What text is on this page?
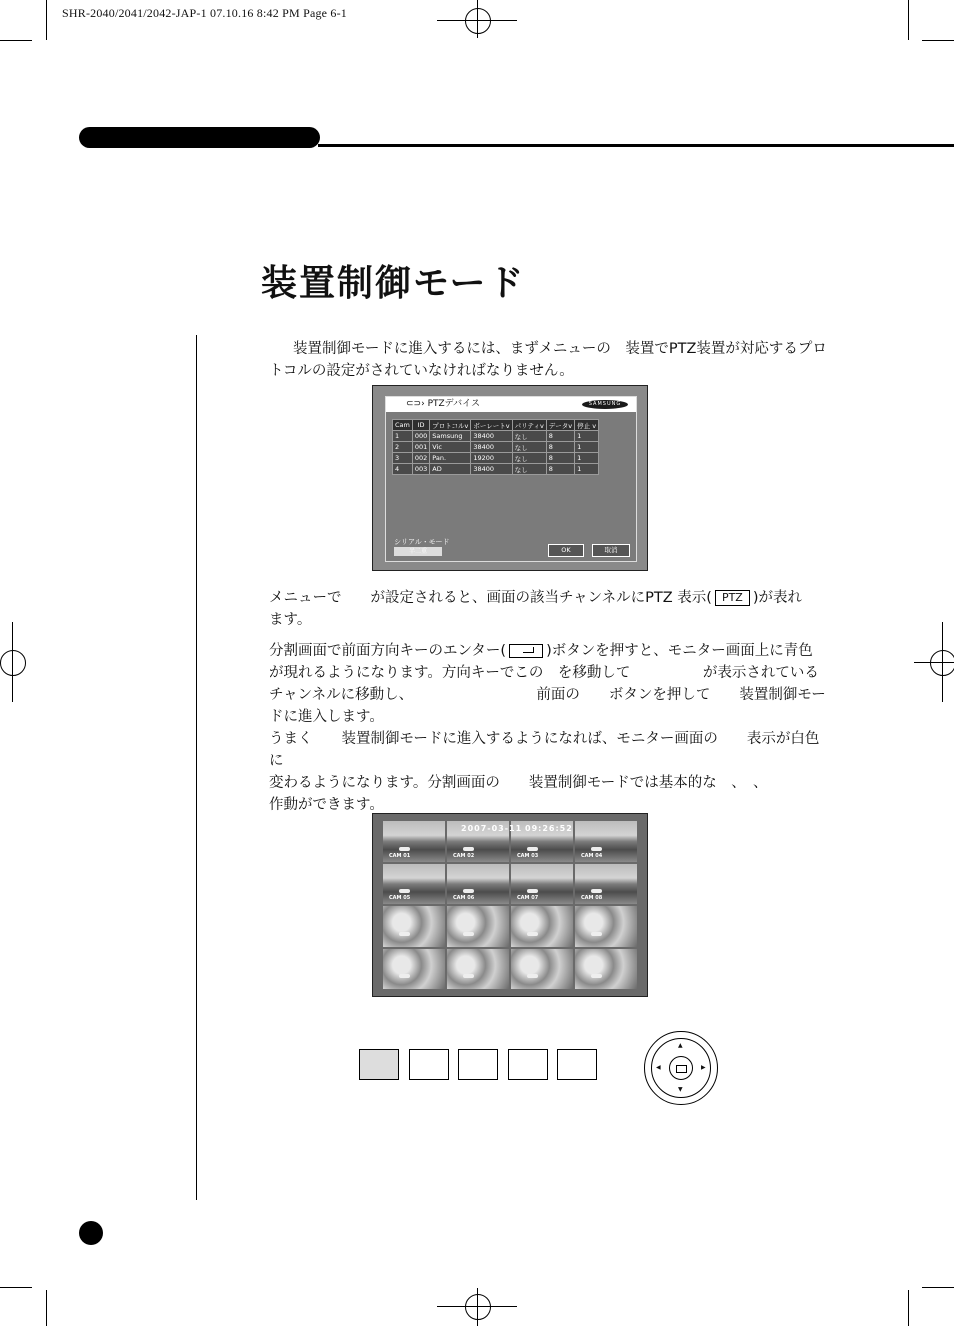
SHR-2040/2041/2042-JAP-1 07.10.16 8:42 PM Page 6-1
装置制御モード
装置制御モードに進入するには、まずメニューの　装置でPTZ装置が対応するプロ
トコルの設定がされていなければなりません。
⊂⊃› PTZデバイス	SAMSUNG
Cam	ID	プロトコルv	ボーレートv	パリティv	データv	停止 v
1	000	Samsung	38400	なし	8	1
2	001	Vic	38400	なし	8	1
3	002	Pan.	19200	なし	8	1
4	003	AD	38400	なし	8	1
シリアル・モード
半二重	OK	取消
メニューで　　が設定されると、画面の該当チャンネルにPTZ 表示( PTZ )が表れ
ます。
分割画面で前面方向キーのエンター(	)ボタンを押すと、モニター画面上に青色
が現れるようになります。方向キーでこの　を移動して　　　　　が表示されている
チャンネルに移動し、　　　　　　　　　前面の　　ボタンを押して　　装置制御モー
ドに進入します。
うまく　　装置制御モードに進入するようになれば、モニター画面の　　表示が白色に
変わるようになります。分割画面の　　装置制御モードでは基本的な　、　、
作動ができます。
CAM 01	CAM 02	CAM 03	CAM 04
CAM 05	CAM 06	CAM 07	CAM 08
2007-03-11 09:26:52
▲
▼
◀	▶
